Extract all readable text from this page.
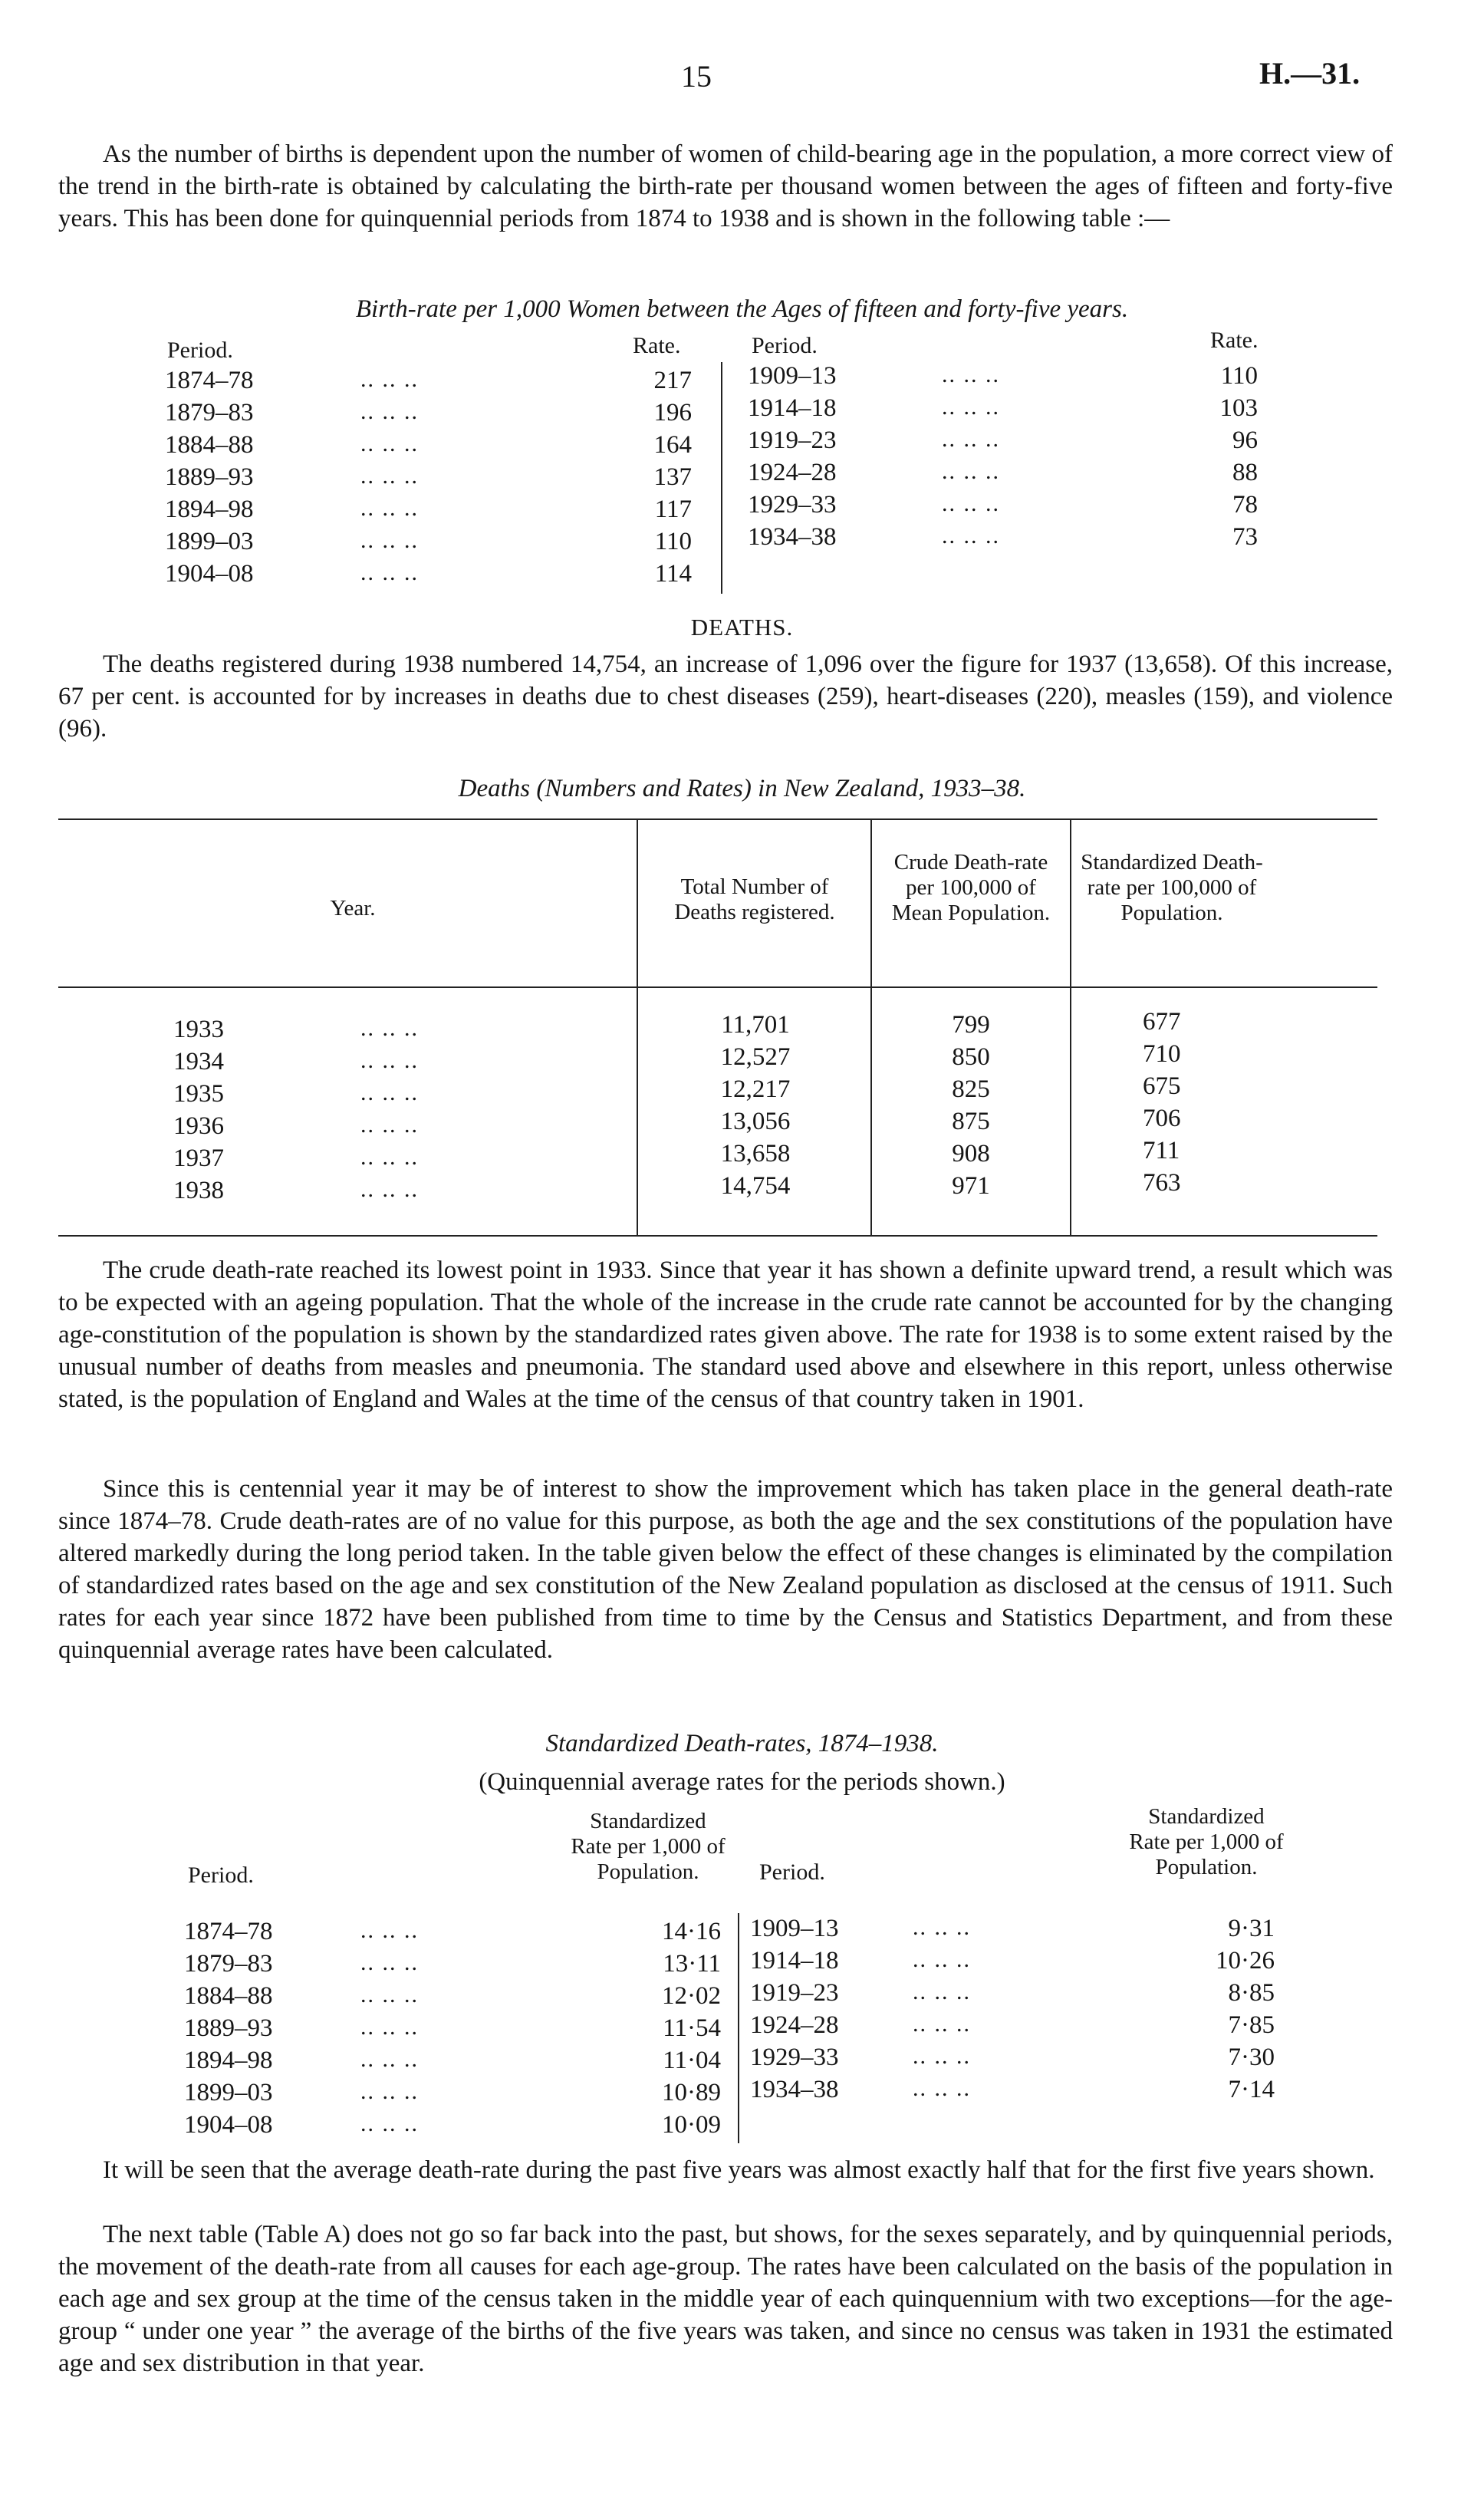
15	H.—31.

As the number of births is dependent upon the number of women of child-bearing age in the population, a more correct view of the trend in the birth-rate is obtained by calculating the birth-rate per thousand women between the ages of fifteen and forty-five years. This has been done for quinquennial periods from 1874 to 1938 and is shown in the following table :—

Birth-rate per 1,000 Women between the Ages of fifteen and forty-five years.
Period.	Rate.	Period.	Rate.
1874–78	.. .. ..	217
1879–83	.. .. ..	196
1884–88	.. .. ..	164
1889–93	.. .. ..	137
1894–98	.. .. ..	117
1899–03	.. .. ..	110
1904–08	.. .. ..	114
1909–13	.. .. ..	110
1914–18	.. .. ..	103
1919–23	.. .. ..	96
1924–28	.. .. ..	88
1929–33	.. .. ..	78
1934–38	.. .. ..	73
DEATHS.

The deaths registered during 1938 numbered 14,754, an increase of 1,096 over the figure for 1937 (13,658). Of this increase, 67 per cent. is accounted for by increases in deaths due to chest diseases (259), heart-diseases (220), measles (159), and violence (96).

Deaths (Numbers and Rates) in New Zealand, 1933–38.
Year.
Total Number of Deaths registered.
Crude Death-rate per 100,000 of Mean Population.
Standardized Death-rate per 100,000 of Population.
1933	.. .. ..	11,701	799	677
1934	.. .. ..	12,527	850	710
1935	.. .. ..	12,217	825	675
1936	.. .. ..	13,056	875	706
1937	.. .. ..	13,658	908	711
1938	.. .. ..	14,754	971	763

The crude death-rate reached its lowest point in 1933. Since that year it has shown a definite upward trend, a result which was to be expected with an ageing population. That the whole of the increase in the crude rate cannot be accounted for by the changing age-constitution of the population is shown by the standardized rates given above. The rate for 1938 is to some extent raised by the unusual number of deaths from measles and pneumonia. The standard used above and elsewhere in this report, unless otherwise stated, is the population of England and Wales at the time of the census of that country taken in 1901.

Since this is centennial year it may be of interest to show the improvement which has taken place in the general death-rate since 1874–78. Crude death-rates are of no value for this purpose, as both the age and the sex constitutions of the population have altered markedly during the long period taken. In the table given below the effect of these changes is eliminated by the compilation of standardized rates based on the age and sex constitution of the New Zealand population as disclosed at the census of 1911. Such rates for each year since 1872 have been published from time to time by the Census and Statistics Department, and from these quinquennial average rates have been calculated.

Standardized Death-rates, 1874–1938.
(Quinquennial average rates for the periods shown.)
Period.
Standardized Rate per 1,000 of Population.	Period.
Standardized Rate per 1,000 of Population.
1874–78	.. .. ..	14·16
1879–83	.. .. ..	13·11
1884–88	.. .. ..	12·02
1889–93	.. .. ..	11·54
1894–98	.. .. ..	11·04
1899–03	.. .. ..	10·89
1904–08	.. .. ..	10·09
1909–13	.. .. ..	9·31
1914–18	.. .. ..	10·26
1919–23	.. .. ..	8·85
1924–28	.. .. ..	7·85
1929–33	.. .. ..	7·30
1934–38	.. .. ..	7·14

It will be seen that the average death-rate during the past five years was almost exactly half that for the first five years shown.

The next table (Table A) does not go so far back into the past, but shows, for the sexes separately, and by quinquennial periods, the movement of the death-rate from all causes for each age-group. The rates have been calculated on the basis of the population in each age and sex group at the time of the census taken in the middle year of each quinquennium with two exceptions—for the age-group “ under one year ” the average of the births of the five years was taken, and since no census was taken in 1931 the estimated age and sex distribution in that year.
